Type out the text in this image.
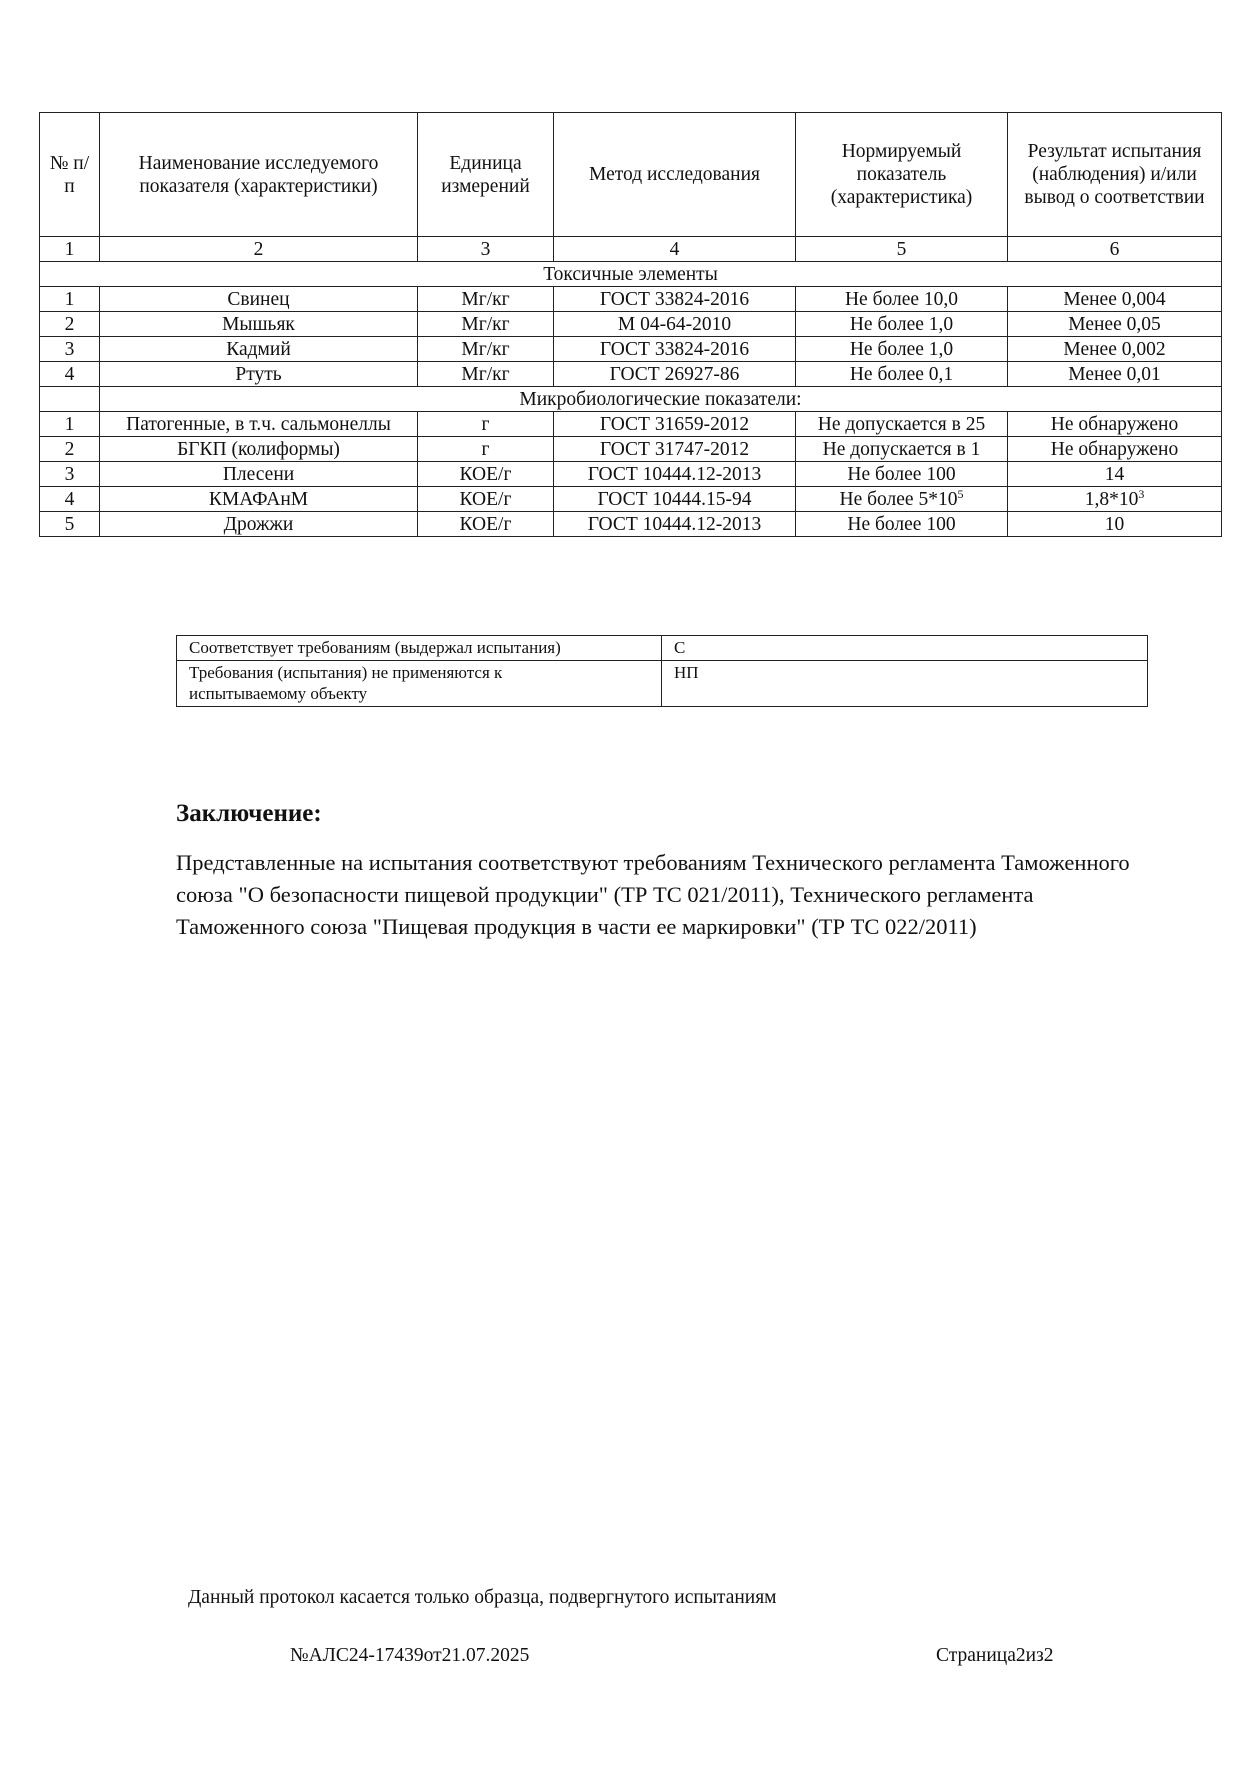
№ п/п	Наименование исследуемого показателя (характеристики)	Единица измерений	Метод исследования	Нормируемый показатель (характеристика)	Результат испытания (наблюдения) и/или вывод о соответствии
1	2	3	4	5	6
Токсичные элементы					
1	Свинец	Мг/кг	ГОСТ 33824-2016	Не более 10,0	Менее 0,004
2	Мышьяк	Мг/кг	М 04-64-2010	Не более 1,0	Менее 0,05
3	Кадмий	Мг/кг	ГОСТ 33824-2016	Не более 1,0	Менее 0,002
4	Ртуть	Мг/кг	ГОСТ 26927-86	Не более 0,1	Менее 0,01
	Микробиологические показатели:				
1	Патогенные, в т.ч. сальмонеллы	г	ГОСТ 31659-2012	Не допускается в 25	Не обнаружено
2	БГКП (колиформы)	г	ГОСТ 31747-2012	Не допускается в 1	Не обнаружено
3	Плесени	КОЕ/г	ГОСТ 10444.12-2013	Не более 100	14
4	КМАФАнМ	КОЕ/г	ГОСТ 10444.15-94	Не более $5*10^5$	$1,8*10^3$
5	Дрожжи	КОЕ/г	ГОСТ 10444.12-2013	Не более 100	10
Соответствует требованиям (выдержал испытания)	С
Требования (испытания) не применяются к испытываемому объекту	НП
Заключение:

Представленные на испытания соответствуют требованиям Технического регламента Таможенного союза "О безопасности пищевой продукции" (ТР ТС 021/2011), Технического регламента Таможенного союза "Пищевая продукция в части ее маркировки" (ТР ТС 022/2011)

Данный протокол касается только образца, подвергнутого испытаниям

№АЛС24-17439от21.07.2025	Страница2из2
